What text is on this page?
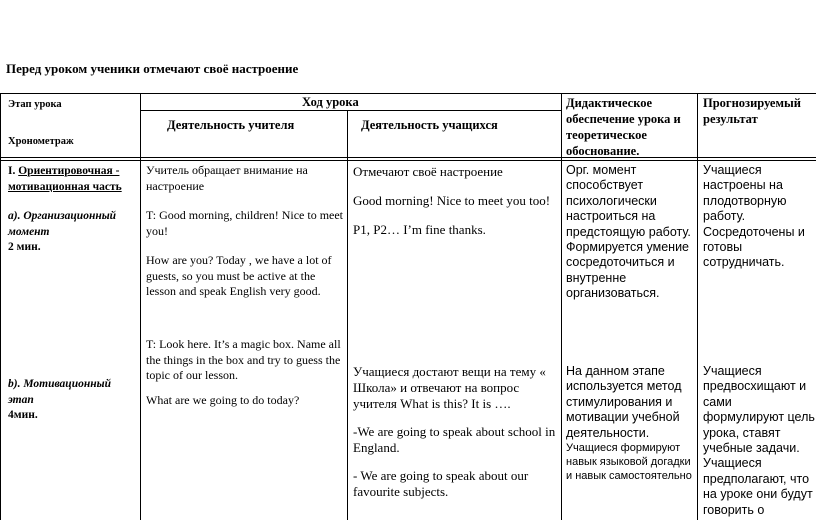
Перед уроком ученики отмечают своё настроение
Этап урока
Хронометраж
Ход урока
Деятельность учителя	Деятельность учащихся
Дидактическое обеспечение урока и теоретическое обоснование.
Прогнозируемый результат

I. Ориентировочная - мотивационная часть

а). Организационный момент

2 мин.

b). Мотивационный этап

4мин.

Учитель обращает внимание на настроение

T: Good morning, children! Nice to meet you!

How are you? Today , we have a lot of guests, so you must be active at the lesson and speak English very good.

T: Look here. It’s a magic box. Name all the things in the box and try to guess the topic of our lesson.

What are we going to do today?

Отмечают своё настроение

Good morning! Nice to meet you too!

P1, P2… I’m fine thanks.

Учащиеся достают вещи на тему « Школа» и отвечают на вопрос учителя What is this? It is ….

-We are going to speak about school in England.

- We are going to speak about our favourite subjects.

Орг. момент способствует психологически настроиться на предстоящую работу. Формируется умение сосредоточиться и внутренне организоваться.

На данном этапе используется метод стимулирования и мотивации учебной деятельности.

Учащиеся формируют навык языковой догадки и навык самостоятельно

Учащиеся настроены на плодотворную работу. Сосредоточены и готовы сотрудничать.

Учащиеся предвосхищают и сами формулируют цель урока, ставят учебные задачи. Учащиеся предполагают, что на уроке они будут говорить о
